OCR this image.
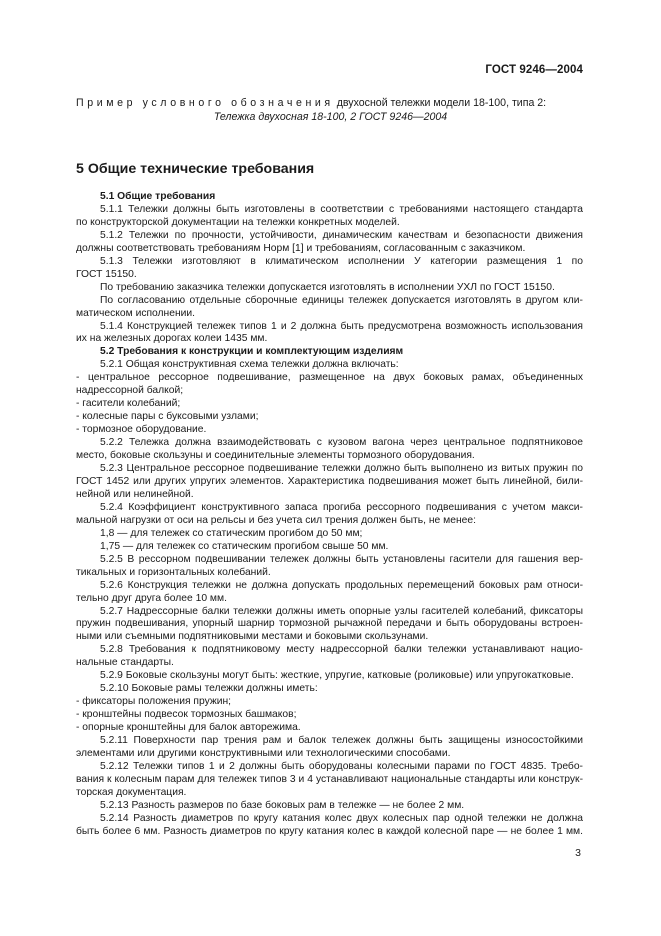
ГОСТ 9246—2004
Пример условного обозначения двухосной тележки модели 18-100, типа 2:
Тележка двухосная 18-100, 2 ГОСТ 9246—2004
5 Общие технические требования
5.1 Общие требования
5.1.1 Тележки должны быть изготовлены в соответствии с требованиями настоящего стандарта
по конструкторской документации на тележки конкретных моделей.
5.1.2 Тележки по прочности, устойчивости, динамическим качествам и безопасности движения
должны соответствовать требованиям Норм [1] и требованиям, согласованным с заказчиком.
5.1.3 Тележки изготовляют в климатическом исполнении У категории размещения 1 по
ГОСТ 15150.
По требованию заказчика тележки допускается изготовлять в исполнении УХЛ по ГОСТ 15150.
По согласованию отдельные сборочные единицы тележек допускается изготовлять в другом кли-
матическом исполнении.
5.1.4 Конструкцией тележек типов 1 и 2 должна быть предусмотрена возможность использования
их на железных дорогах колеи 1435 мм.
5.2 Требования к конструкции и комплектующим изделиям
5.2.1 Общая конструктивная схема тележки должна включать:
- центральное рессорное подвешивание, размещенное на двух боковых рамах, объединенных
надрессорной балкой;
- гасители колебаний;
- колесные пары с буксовыми узлами;
- тормозное оборудование.
5.2.2 Тележка должна взаимодействовать с кузовом вагона через центральное подпятниковое
место, боковые скользуны и соединительные элементы тормозного оборудования.
5.2.3 Центральное рессорное подвешивание тележки должно быть выполнено из витых пружин по
ГОСТ 1452 или других упругих элементов. Характеристика подвешивания может быть линейной, били-
нейной или нелинейной.
5.2.4 Коэффициент конструктивного запаса прогиба рессорного подвешивания с учетом макси-
мальной нагрузки от оси на рельсы и без учета сил трения должен быть, не менее:
1,8 — для тележек со статическим прогибом до 50 мм;
1,75 — для тележек со статическим прогибом свыше 50 мм.
5.2.5 В рессорном подвешивании тележек должны быть установлены гасители для гашения вер-
тикальных и горизонтальных колебаний.
5.2.6 Конструкция тележки не должна допускать продольных перемещений боковых рам относи-
тельно друг друга более 10 мм.
5.2.7 Надрессорные балки тележки должны иметь опорные узлы гасителей колебаний, фиксаторы
пружин подвешивания, упорный шарнир тормозной рычажной передачи и быть оборудованы встроен-
ными или съемными подпятниковыми местами и боковыми скользунами.
5.2.8 Требования к подпятниковому месту надрессорной балки тележки устанавливают нацио-
нальные стандарты.
5.2.9 Боковые скользуны могут быть: жесткие, упругие, катковые (роликовые) или упругокатковые.
5.2.10 Боковые рамы тележки должны иметь:
- фиксаторы положения пружин;
- кронштейны подвесок тормозных башмаков;
- опорные кронштейны для балок авторежима.
5.2.11 Поверхности пар трения рам и балок тележек должны быть защищены износостойкими
элементами или другими конструктивными или технологическими способами.
5.2.12 Тележки типов 1 и 2 должны быть оборудованы колесными парами по ГОСТ 4835. Требо-
вания к колесным парам для тележек типов 3 и 4 устанавливают национальные стандарты или конструк-
торская документация.
5.2.13 Разность размеров по базе боковых рам в тележке — не более 2 мм.
5.2.14 Разность диаметров по кругу катания колес двух колесных пар одной тележки не должна
быть более 6 мм. Разность диаметров по кругу катания колес в каждой колесной паре — не более 1 мм.
3
